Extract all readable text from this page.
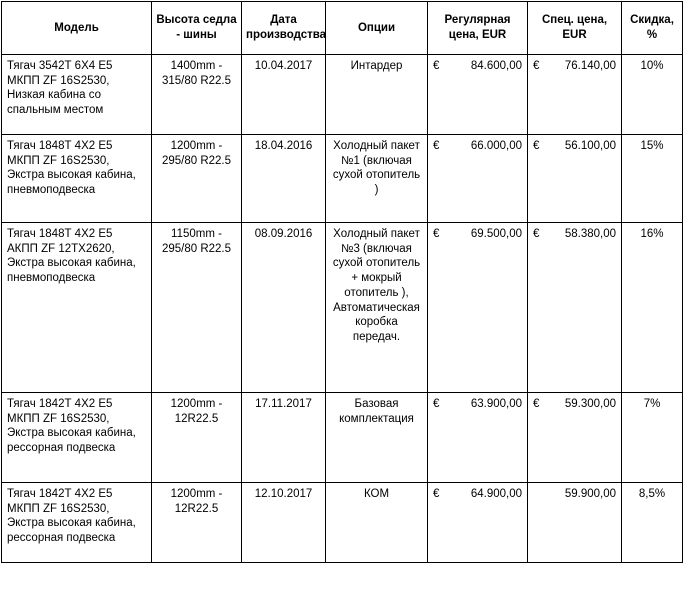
Модель	Высота седла - шины	Дата производства	Опции	Регулярная цена, EUR	Спец. цена, EUR	Скидка, %
Тягач 3542Т 6Х4 Е5 МКПП ZF 16S2530, Низкая кабина со спальным местом	1400mm - 315/80 R22.5	10.04.2017	Интардер	€ 84.600,00	€ 76.140,00	10%
Тягач 1848Т 4Х2 Е5 МКПП ZF 16S2530, Экстра высокая кабина, пневмоподвеска	1200mm - 295/80 R22.5	18.04.2016	Холодный пакет №1 (включая сухой отопитель )	€ 66.000,00	€ 56.100,00	15%
Тягач 1848Т 4Х2 Е5 АКПП ZF 12TX2620, Экстра высокая кабина, пневмоподвеска	1150mm - 295/80 R22.5	08.09.2016	Холодный пакет №3 (включая сухой отопитель + мокрый отопитель ), Автоматическая коробка передач.	€ 69.500,00	€ 58.380,00	16%
Тягач 1842Т 4Х2 Е5 МКПП ZF 16S2530, Экстра высокая кабина, рессорная подвеска	1200mm - 12R22.5	17.11.2017	Базовая комплектация	€ 63.900,00	€ 59.300,00	7%
Тягач 1842Т 4Х2 Е5 МКПП ZF 16S2530, Экстра высокая кабина, рессорная подвеска	1200mm - 12R22.5	12.10.2017	КОМ	€ 64.900,00	59.900,00	8,5%
